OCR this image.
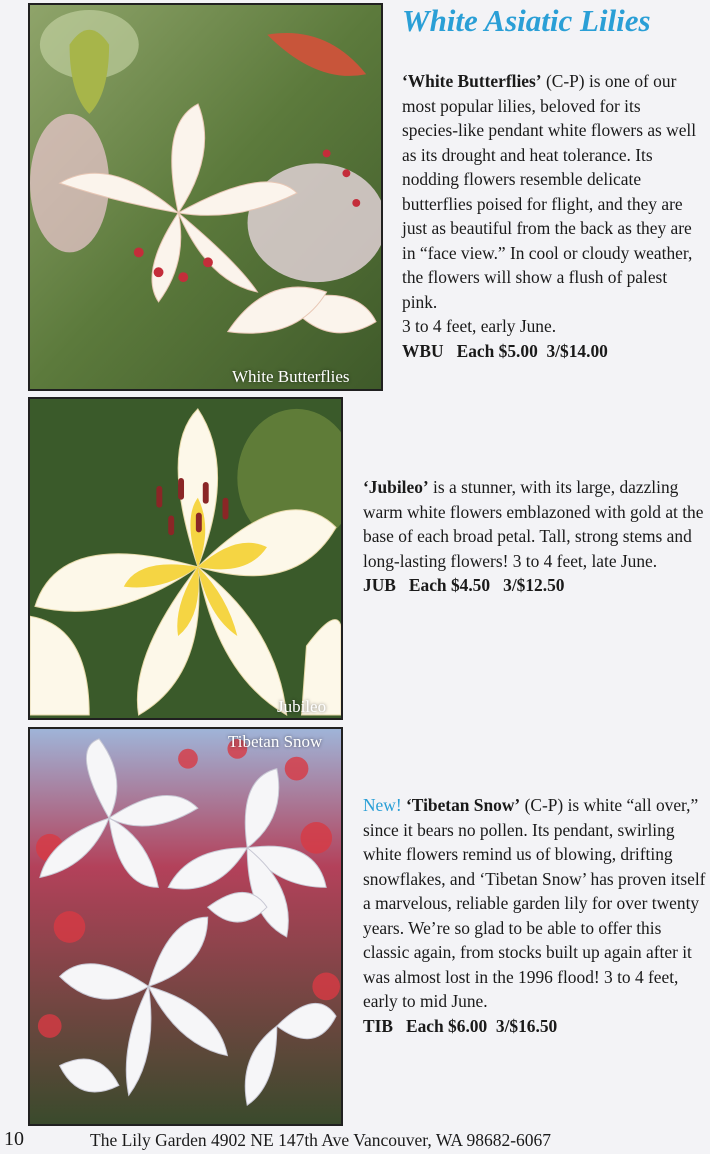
White Butterflies
Jubileo
Tibetan Snow
White Asiatic Lilies
‘White Butterflies’ (C-P) is one of our most popular lilies, beloved for its species-like pendant white flowers as well as its drought and heat tolerance. Its nodding flowers resemble delicate butterflies poised for flight, and they are just as beautiful from the back as they are in “face view.” In cool or cloudy weather, the flowers will show a flush of palest pink.
3 to 4 feet, early June.
WBU Each $5.00 3/$14.00
‘Jubileo’ is a stunner, with its large, dazzling warm white flowers emblazoned with gold at the base of each broad petal. Tall, strong stems and long-lasting flowers! 3 to 4 feet, late June.
JUB Each $4.50 3/$12.50
New! ‘Tibetan Snow’ (C-P) is white “all over,” since it bears no pollen. Its pendant, swirling white flowers remind us of blowing, drifting snowflakes, and ‘Tibetan Snow’ has proven itself a marvelous, reliable garden lily for over twenty years. We’re so glad to be able to offer this classic again, from stocks built up again after it was almost lost in the 1996 flood! 3 to 4 feet, early to mid June.
TIB Each $6.00 3/$16.50
10	The Lily Garden 4902 NE 147th Ave Vancouver, WA 98682-6067
